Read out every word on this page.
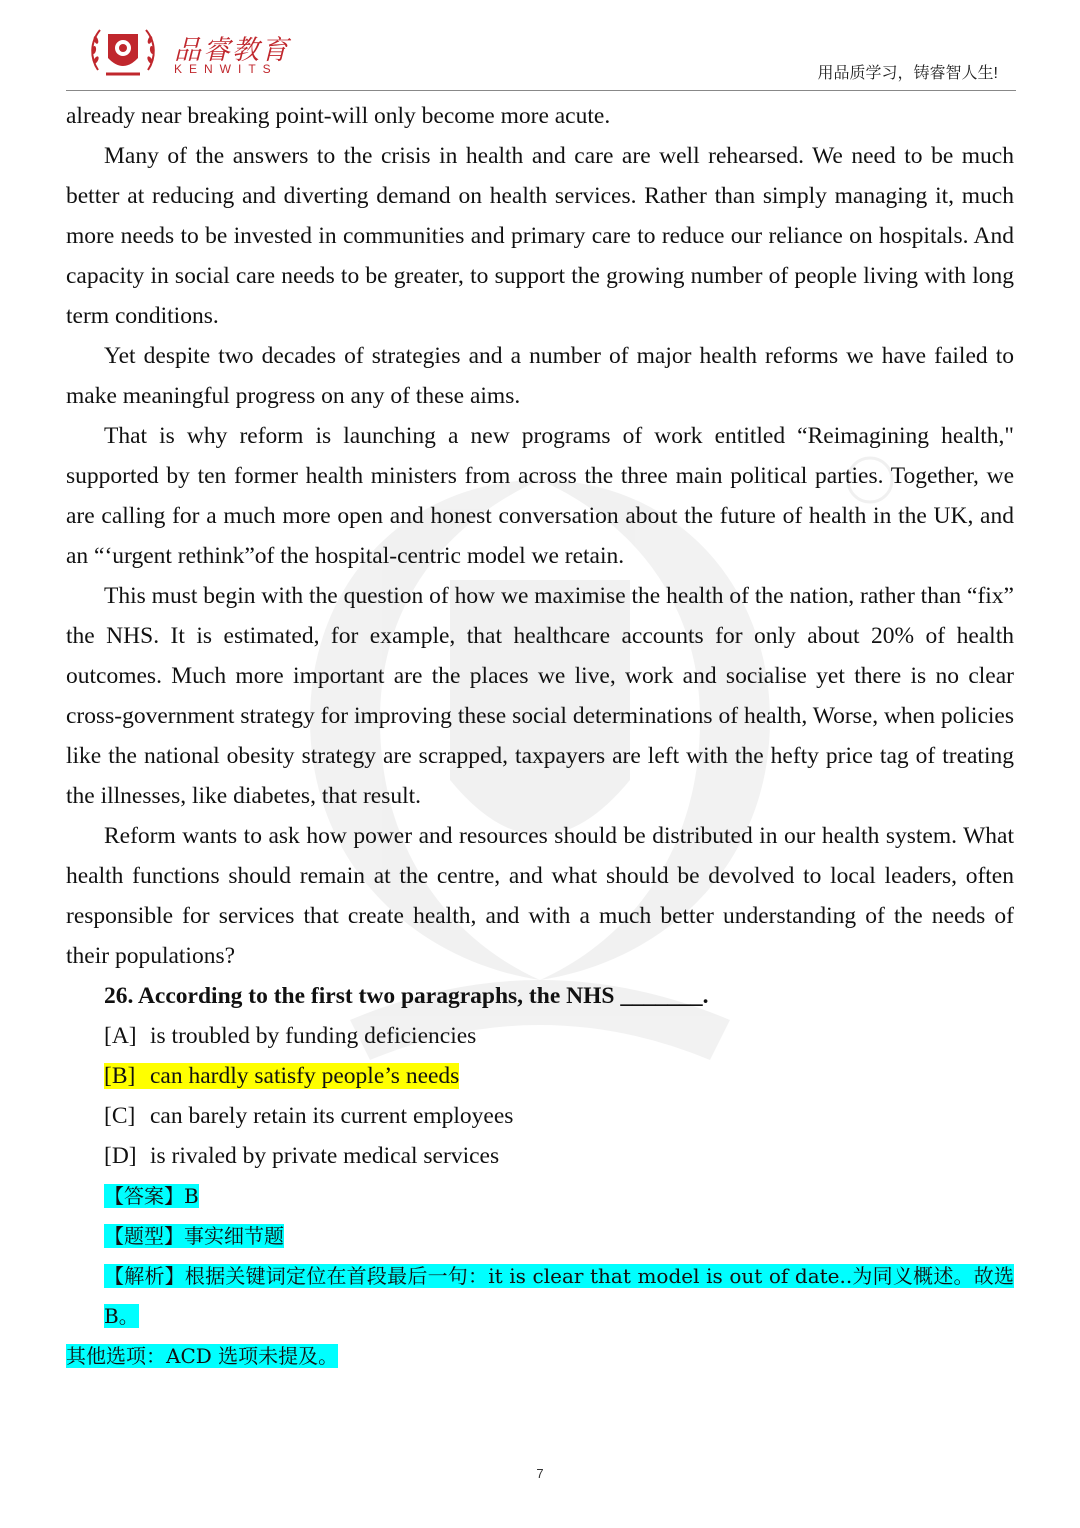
品睿教育
KENWITS	用品质学习，铸睿智人生!

already near breaking point-will only become more acute.

Many of the answers to the crisis in health and care are well rehearsed. We need to be much better at reducing and diverting demand on health services. Rather than simply managing it, much more needs to be invested in communities and primary care to reduce our reliance on hospitals. And capacity in social care needs to be greater, to support the growing number of people living with long term conditions.

Yet despite two decades of strategies and a number of major health reforms we have failed to make meaningful progress on any of these aims.

That is why reform is launching a new programs of work entitled “Reimagining health," supported by ten former health ministers from across the three main political parties. Together, we are calling for a much more open and honest conversation about the future of health in the UK, and an “‘urgent rethink”of the hospital-centric model we retain.

This must begin with the question of how we maximise the health of the nation, rather than “fix” the NHS. It is estimated, for example, that healthcare accounts for only about 20% of health outcomes. Much more important are the places we live, work and socialise yet there is no clear cross-government strategy for improving these social determinations of health, Worse, when policies like the national obesity strategy are scrapped, taxpayers are left with the hefty price tag of treating the illnesses, like diabetes, that result.

Reform wants to ask how power and resources should be distributed in our health system. What health functions should remain at the centre, and what should be devolved to local leaders, often responsible for services that create health, and with a much better understanding of the needs of their populations?

26. According to the first two paragraphs, the NHS _______.

[A] is troubled by funding deficiencies

[B] can hardly satisfy people’s needs

[C] can barely retain its current employees

[D] is rivaled by private medical services

【答案】B

【题型】事实细节题

【解析】根据关键词定位在首段最后一句：it is clear that model is out of date..为同义概述。故选 B。

其他选项：ACD 选项未提及。

7
